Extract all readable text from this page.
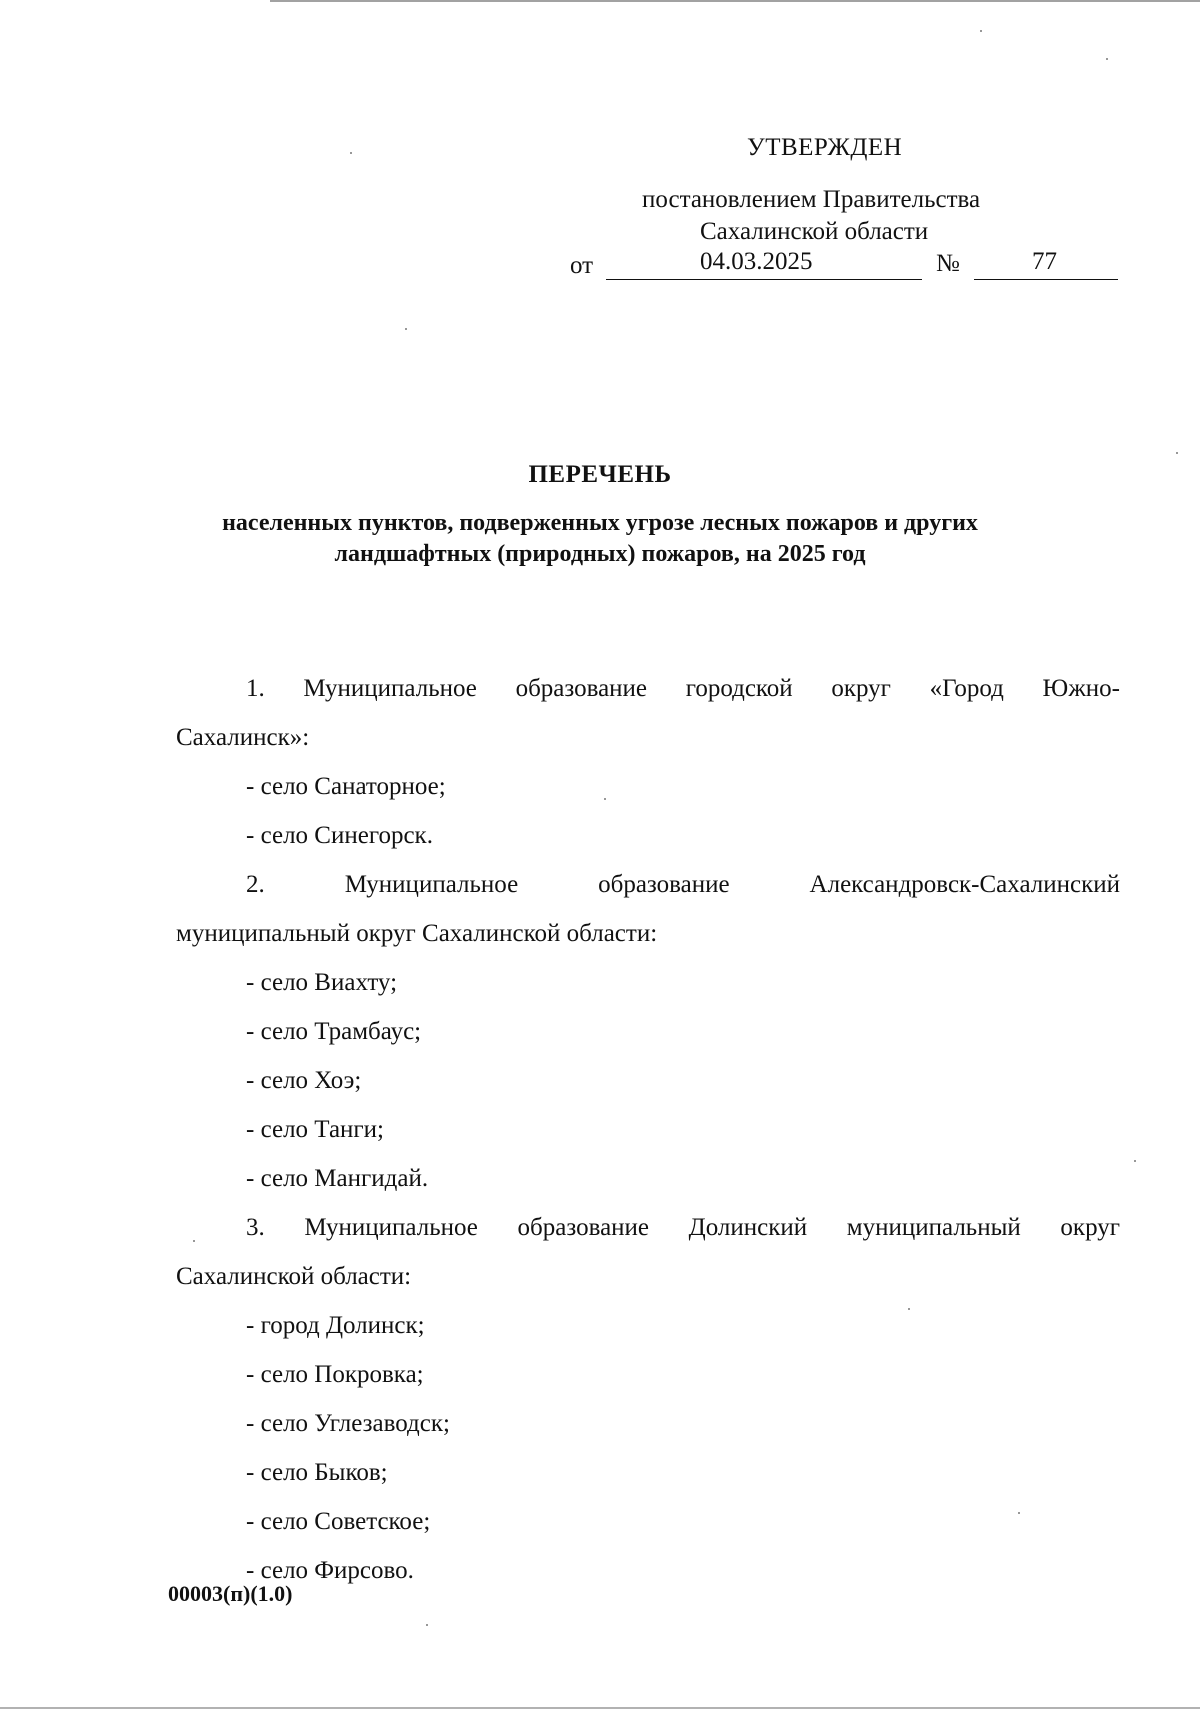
УТВЕРЖДЕН
постановлением Правительства
Сахалинской области
от	04.03.2025	№	77
ПЕРЕЧЕНЬ
населенных пунктов, подверженных угрозе лесных пожаров и других
ландшафтных (природных) пожаров, на 2025 год
1. Муниципальное образование городской округ «Город Южно-
Сахалинск»:
- село Санаторное;
- село Синегорск.
2. Муниципальное образование Александровск-Сахалинский
муниципальный округ Сахалинской области:
- село Виахту;
- село Трамбаус;
- село Хоэ;
- село Танги;
- село Мангидай.
3. Муниципальное образование Долинский муниципальный округ
Сахалинской области:
- город Долинск;
- село Покровка;
- село Углезаводск;
- село Быков;
- село Советское;
- село Фирсово.
00003(п)(1.0)
